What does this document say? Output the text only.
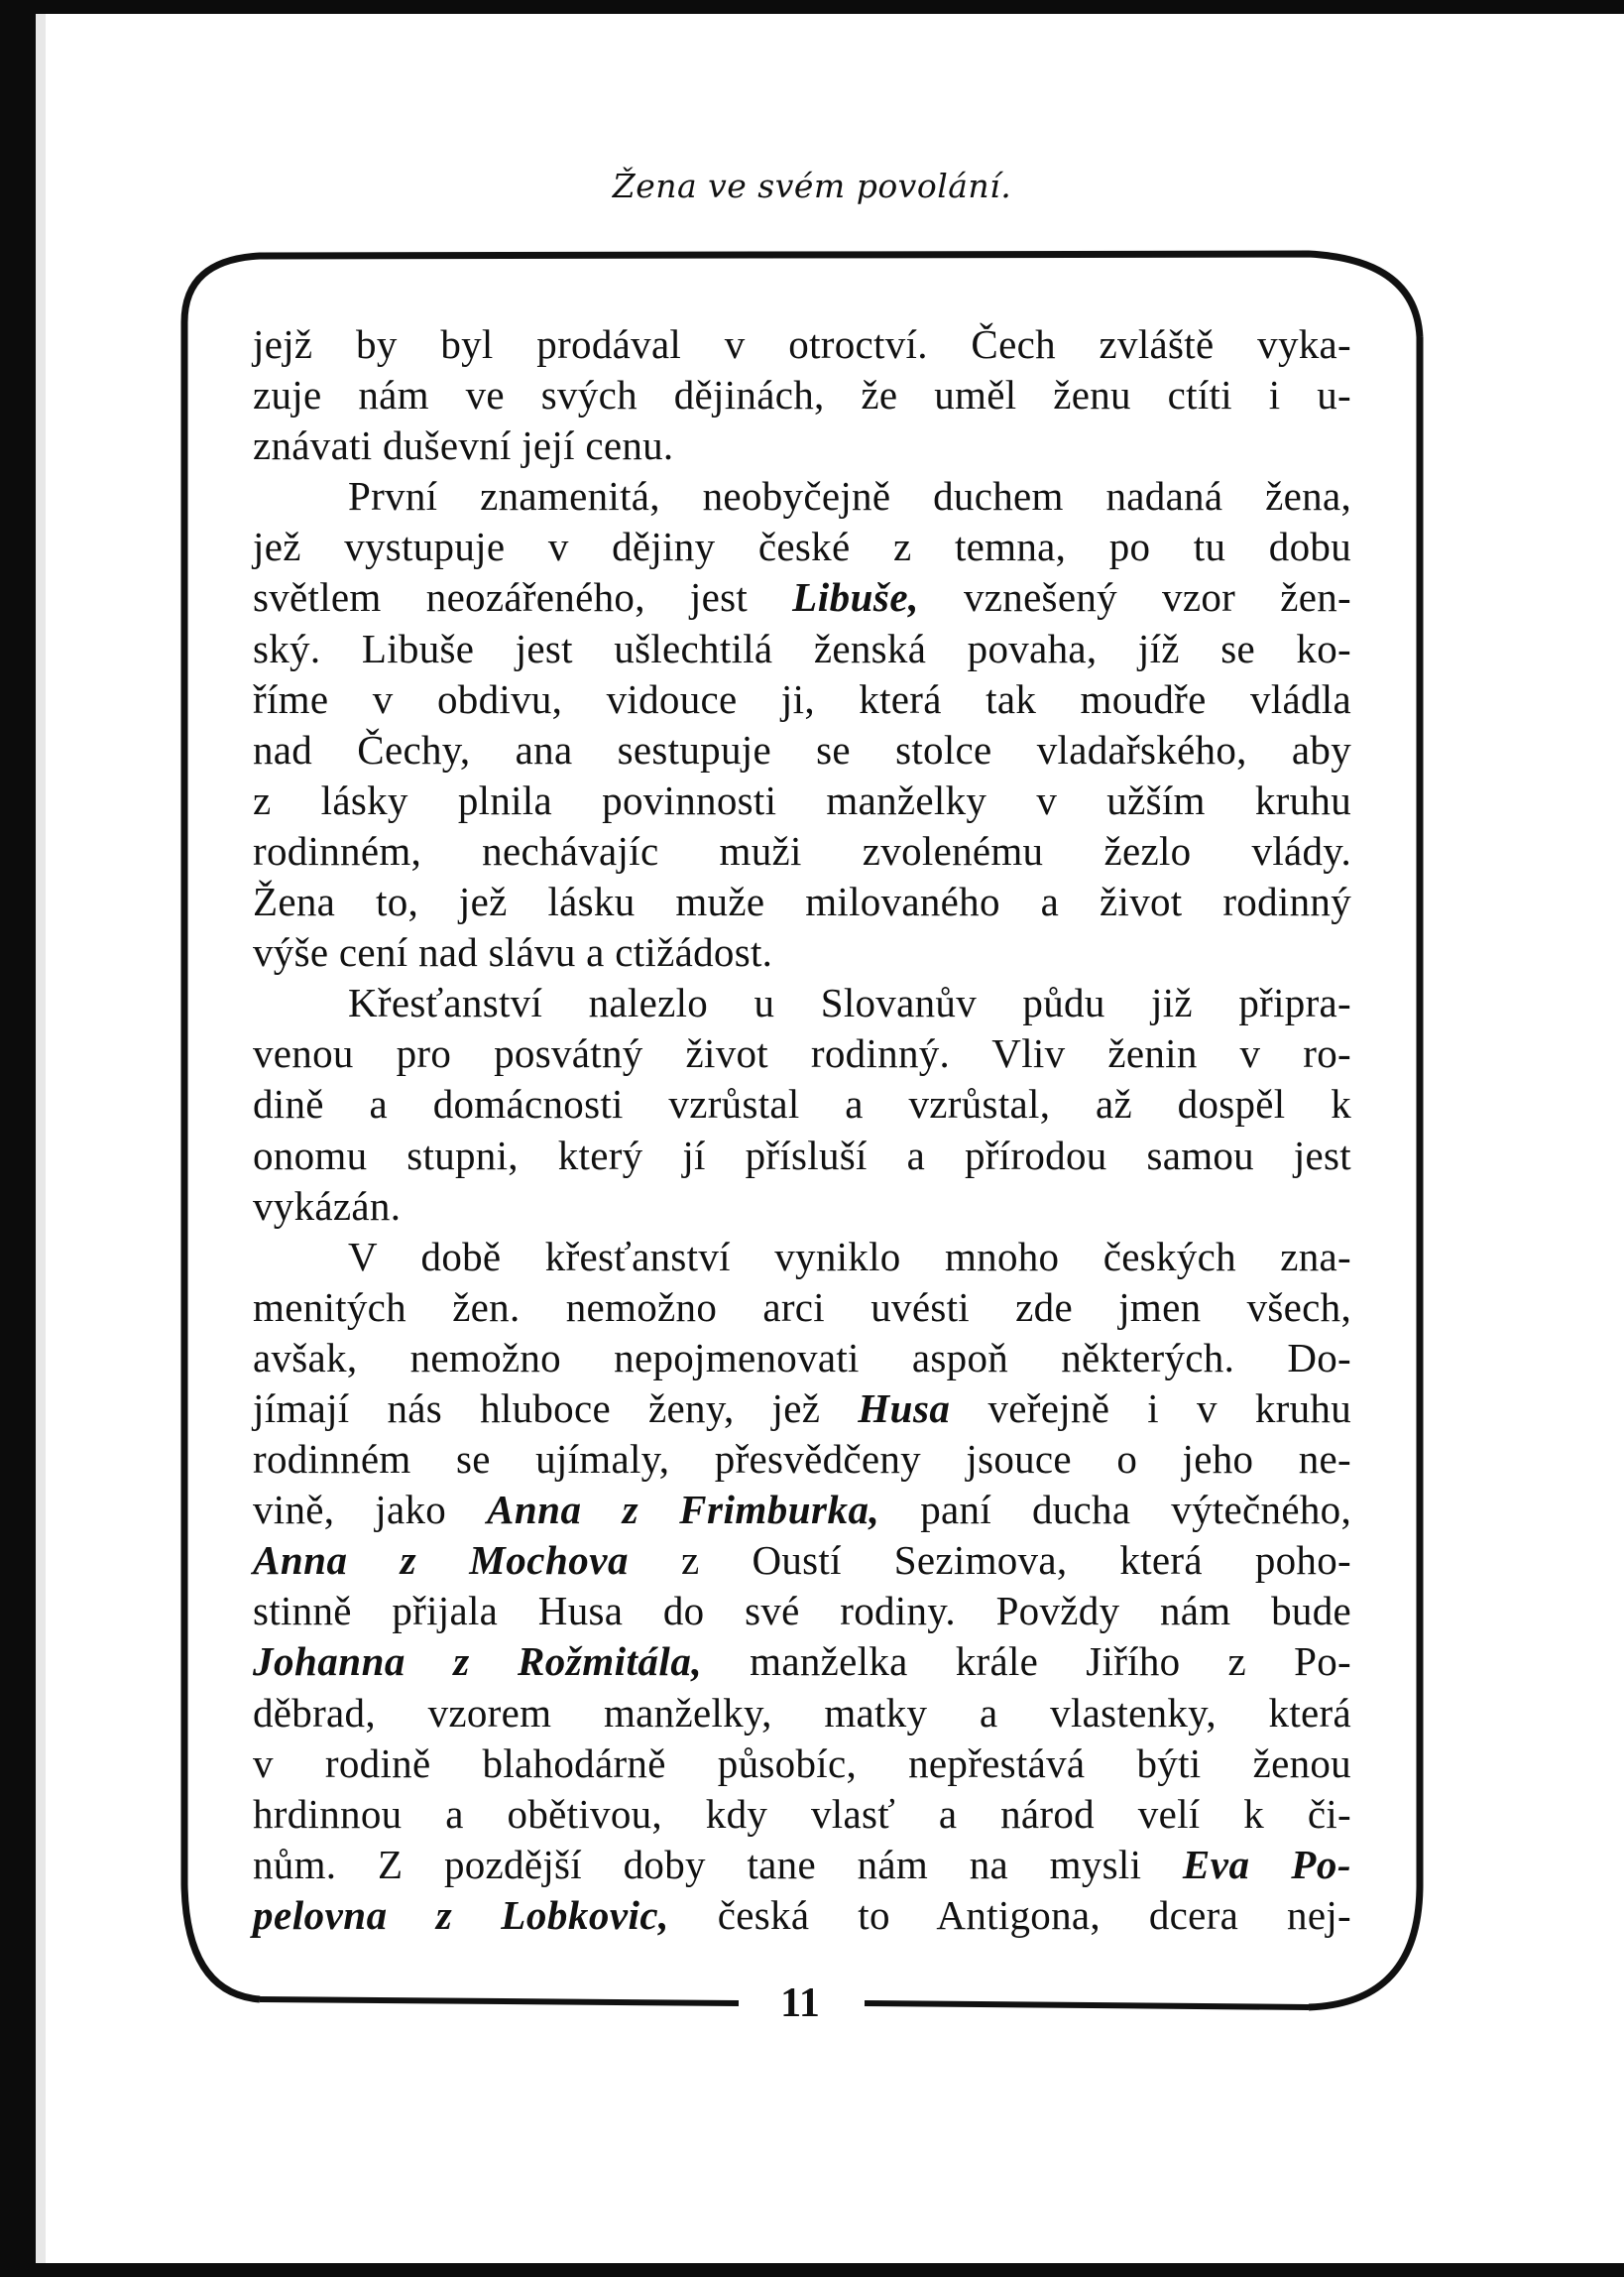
Žena ve svém povolání.
jejž by byl prodával v otroctví. Čech zvláště vyka-
zuje nám ve svých dějinách, že uměl ženu ctíti i u-
znávati duševní její cenu.
První znamenitá, neobyčejně duchem nadaná žena,
jež vystupuje v dějiny české z temna, po tu dobu
světlem neozářeného, jest Libuše, vznešený vzor žen-
ský. Libuše jest ušlechtilá ženská povaha, jíž se ko-
říme v obdivu, vidouce ji, která tak moudře vládla
nad Čechy, ana sestupuje se stolce vladařského, aby
z lásky plnila povinnosti manželky v užším kruhu
rodinném, nechávajíc muži zvolenému žezlo vlády.
Žena to, jež lásku muže milovaného a život rodinný
výše cení nad slávu a ctižádost.
Křesťanství nalezlo u Slovanův půdu již připra-
venou pro posvátný život rodinný. Vliv ženin v ro-
dině a domácnosti vzrůstal a vzrůstal, až dospěl k
onomu stupni, který jí přísluší a přírodou samou jest
vykázán.
V době křesťanství vyniklo mnoho českých zna-
menitých žen. nemožno arci uvésti zde jmen všech,
avšak, nemožno nepojmenovati aspoň některých. Do-
jímají nás hluboce ženy, jež Husa veřejně i v kruhu
rodinném se ujímaly, přesvědčeny jsouce o jeho ne-
vině, jako Anna z Frimburka, paní ducha výtečného,
Anna z Mochova z Oustí Sezimova, která poho-
stinně přijala Husa do své rodiny. Povždy nám bude
Johanna z Rožmitála, manželka krále Jiřího z Po-
děbrad, vzorem manželky, matky a vlastenky, která
v rodině blahodárně působíc, nepřestává býti ženou
hrdinnou a obětivou, kdy vlasť a národ velí k či-
nům. Z pozdější doby tane nám na mysli Eva Po-
pelovna z Lobkovic, česká to Antigona, dcera nej-
11
